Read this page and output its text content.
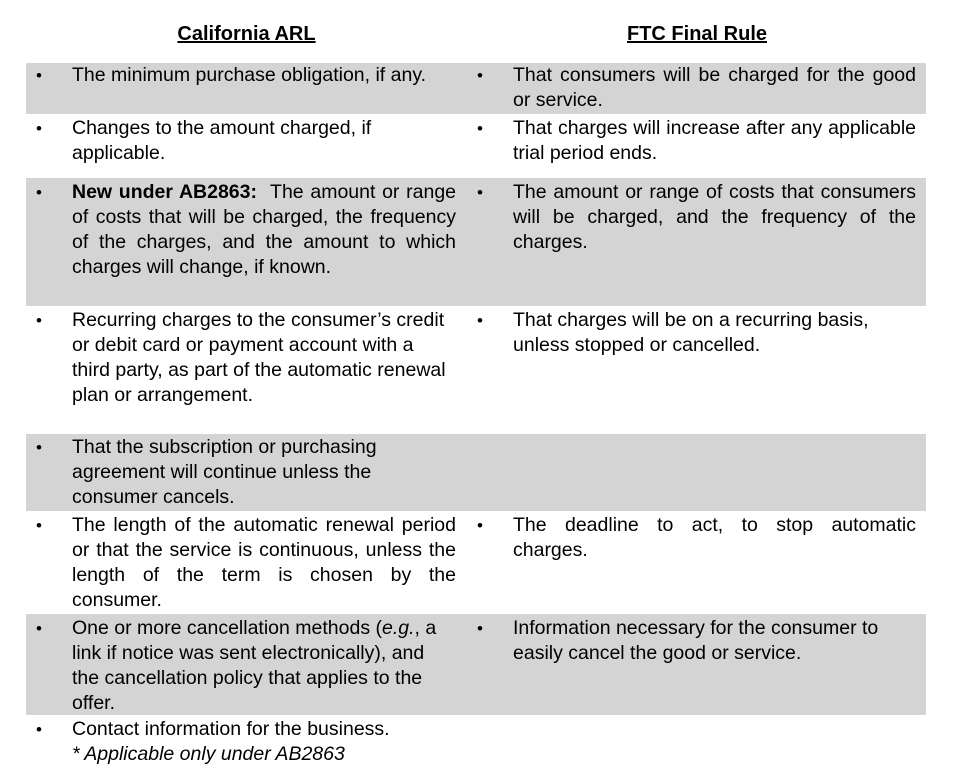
California ARL	FTC Final Rule
• The minimum purchase obligation, if any.	• That consumers will be charged for the good or service.
• Changes to the amount charged, if applicable.
• That charges will increase after any applicable trial period ends.
• New under AB2863: The amount or range of costs that will be charged, the frequency of the charges, and the amount to which charges will change, if known.
• The amount or range of costs that consumers will be charged, and the frequency of the charges.
• Recurring charges to the consumer’s credit or debit card or payment account with a third party, as part of the automatic renewal plan or arrangement.
• That charges will be on a recurring basis, unless stopped or cancelled.
• That the subscription or purchasing agreement will continue unless the consumer cancels.
• The length of the automatic renewal period or that the service is continuous, unless the length of the term is chosen by the consumer.
• The deadline to act, to stop automatic charges.
• One or more cancellation methods (e.g., a link if notice was sent electronically), and the cancellation policy that applies to the offer.
• Information necessary for the consumer to easily cancel the good or service.
• Contact information for the business.
* Applicable only under AB2863
